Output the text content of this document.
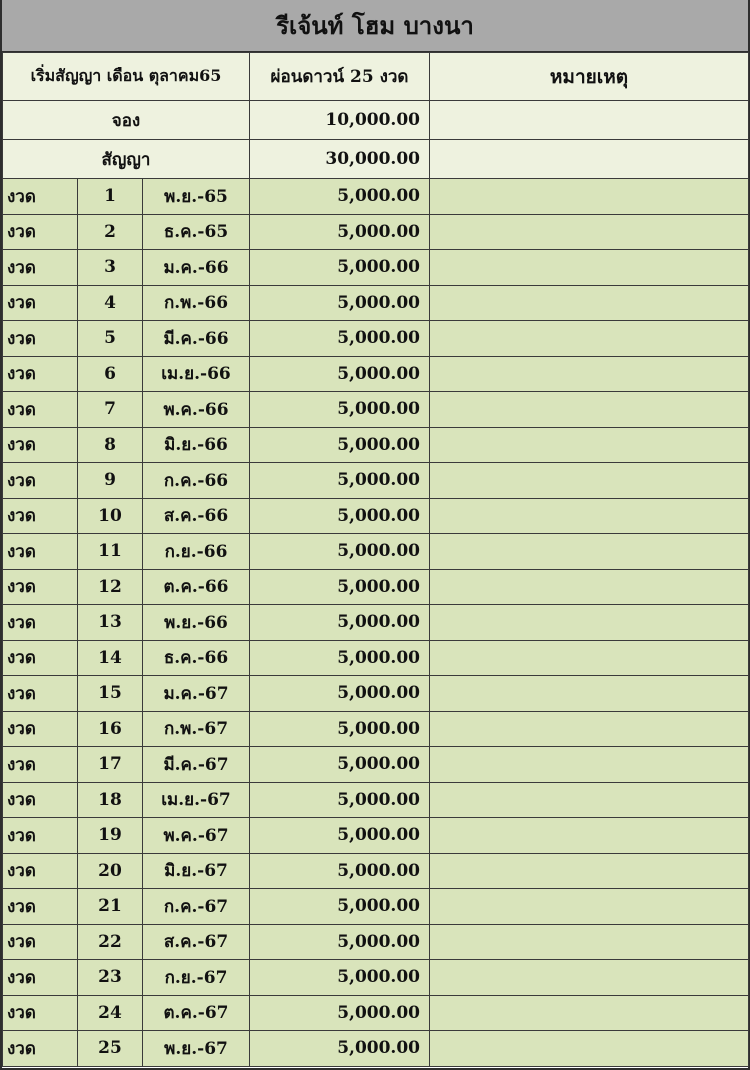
รีเจ้นท์ โฮม บางนา
เริ่มสัญญา เดือน ตุลาคม65			ผ่อนดาวน์ 25 งวด	หมายเหตุ
จอง			10,000.00	
สัญญา			30,000.00	
งวด	1	พ.ย.-65	5,000.00	
งวด	2	ธ.ค.-65	5,000.00	
งวด	3	ม.ค.-66	5,000.00	
งวด	4	ก.พ.-66	5,000.00	
งวด	5	มี.ค.-66	5,000.00	
งวด	6	เม.ย.-66	5,000.00	
งวด	7	พ.ค.-66	5,000.00	
งวด	8	มิ.ย.-66	5,000.00	
งวด	9	ก.ค.-66	5,000.00	
งวด	10	ส.ค.-66	5,000.00	
งวด	11	ก.ย.-66	5,000.00	
งวด	12	ต.ค.-66	5,000.00	
งวด	13	พ.ย.-66	5,000.00	
งวด	14	ธ.ค.-66	5,000.00	
งวด	15	ม.ค.-67	5,000.00	
งวด	16	ก.พ.-67	5,000.00	
งวด	17	มี.ค.-67	5,000.00	
งวด	18	เม.ย.-67	5,000.00	
งวด	19	พ.ค.-67	5,000.00	
งวด	20	มิ.ย.-67	5,000.00	
งวด	21	ก.ค.-67	5,000.00	
งวด	22	ส.ค.-67	5,000.00	
งวด	23	ก.ย.-67	5,000.00	
งวด	24	ต.ค.-67	5,000.00	
งวด	25	พ.ย.-67	5,000.00	
